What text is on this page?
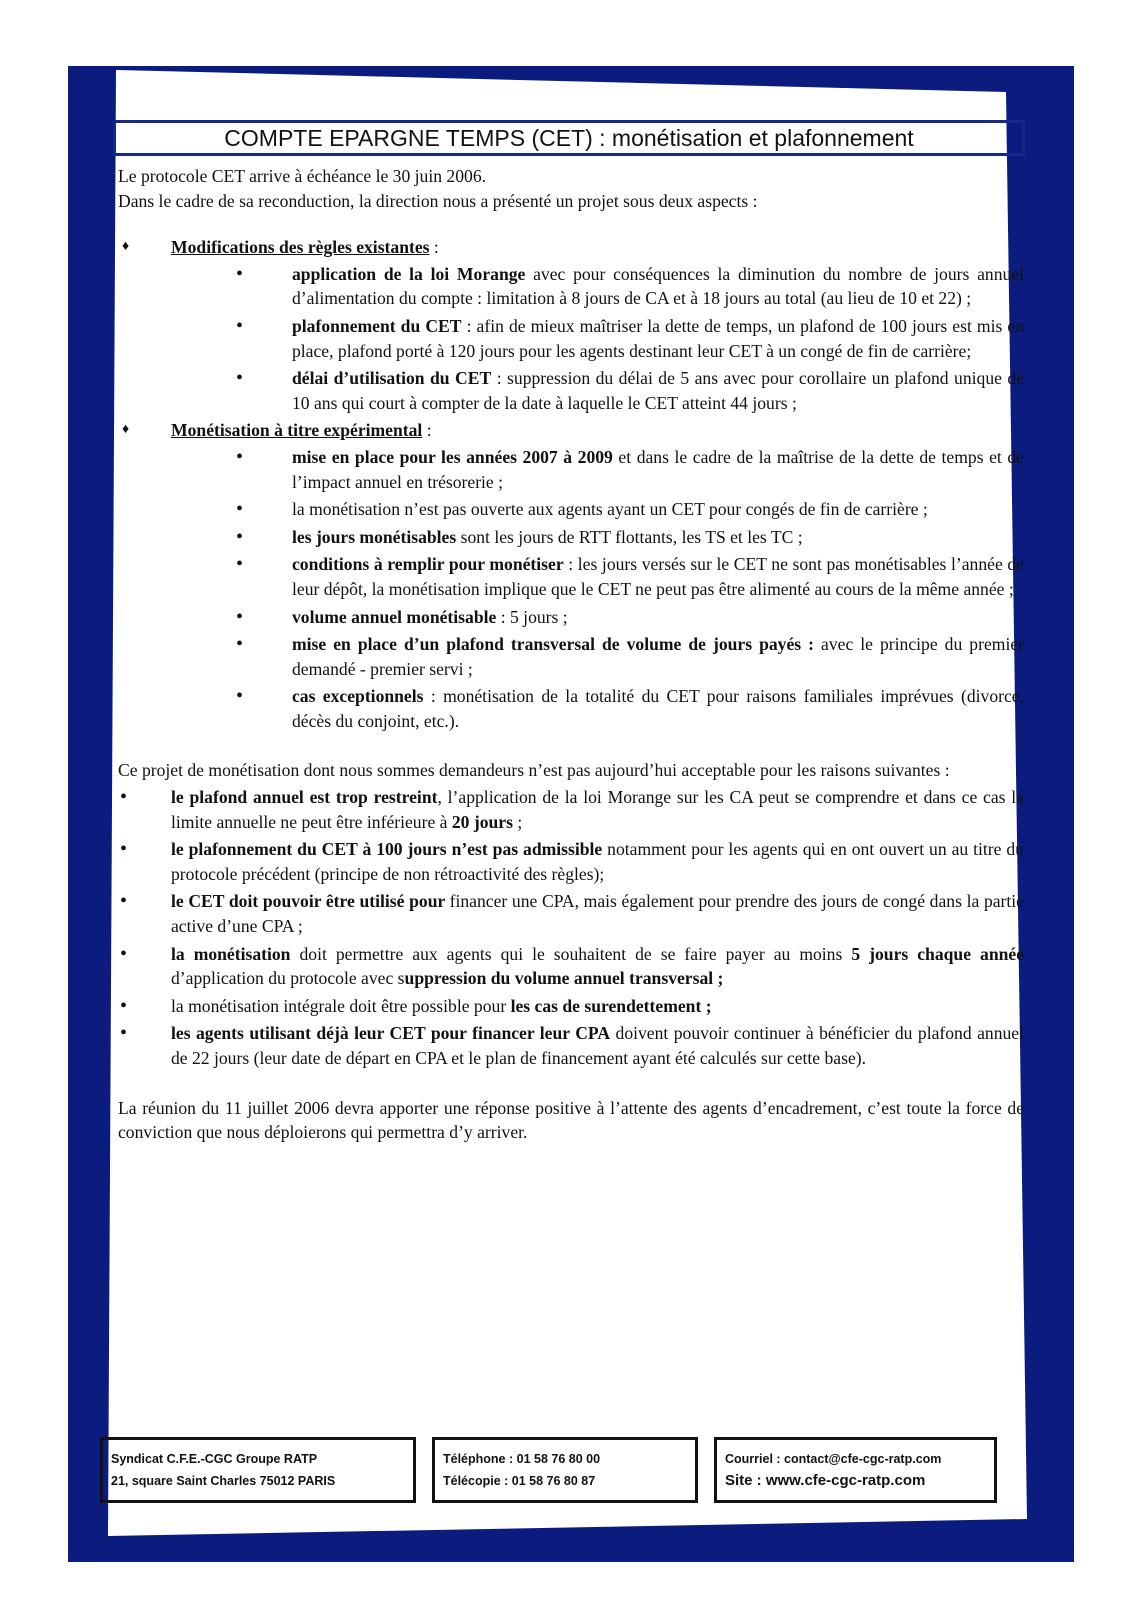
COMPTE EPARGNE TEMPS (CET) : monétisation et plafonnement

Le protocole CET arrive à échéance le 30 juin 2006.

Dans le cadre de sa reconduction, la direction nous a présenté un projet sous deux aspects :

♦ Modifications des règles existantes :
•	application de la loi Morange avec pour conséquences la diminution du nombre de jours annuel d’alimentation du compte : limitation à 8 jours de CA et à 18 jours au total (au lieu de 10 et 22) ;
•	plafonnement du CET : afin de mieux maîtriser la dette de temps, un plafond de 100 jours est mis en place, plafond porté à 120 jours pour les agents destinant leur CET à un congé de fin de carrière;
•	délai d’utilisation du CET : suppression du délai de 5 ans avec pour corollaire un plafond unique de 10 ans qui court à compter de la date à laquelle le CET atteint 44 jours ;
♦ Monétisation à titre expérimental :
•	mise en place pour les années 2007 à 2009 et dans le cadre de la maîtrise de la dette de temps et de l’impact annuel en trésorerie ;
•	la monétisation n’est pas ouverte aux agents ayant un CET pour congés de fin de carrière ;
•	les jours monétisables sont les jours de RTT flottants, les TS et les TC ;
•	conditions à remplir pour monétiser : les jours versés sur le CET ne sont pas monétisables l’année de leur dépôt, la monétisation implique que le CET ne peut pas être alimenté au cours de la même année ;
•	volume annuel monétisable : 5 jours ;
•	mise en place d’un plafond transversal de volume de jours payés : avec le principe du premier demandé - premier servi ;
•	cas exceptionnels : monétisation de la totalité du CET pour raisons familiales imprévues (divorce, décès du conjoint, etc.).

Ce projet de monétisation dont nous sommes demandeurs n’est pas aujourd’hui acceptable pour les raisons suivantes :

• le plafond annuel est trop restreint, l’application de la loi Morange sur les CA peut se comprendre et dans ce cas la limite annuelle ne peut être inférieure à 20 jours ;
• le plafonnement du CET à 100 jours n’est pas admissible notamment pour les agents qui en ont ouvert un au titre du protocole précédent (principe de non rétroactivité des règles);
• le CET doit pouvoir être utilisé pour financer une CPA, mais également pour prendre des jours de congé dans la partie active d’une CPA ;
• la monétisation doit permettre aux agents qui le souhaitent de se faire payer au moins 5 jours chaque année d’application du protocole avec suppression du volume annuel transversal ;
• la monétisation intégrale doit être possible pour les cas de surendettement ;
• les agents utilisant déjà leur CET pour financer leur CPA doivent pouvoir continuer à bénéficier du plafond annuel de 22 jours (leur date de départ en CPA et le plan de financement ayant été calculés sur cette base).

La réunion du 11 juillet 2006 devra apporter une réponse positive à l’attente des agents d’encadrement, c’est toute la force de conviction que nous déploierons qui permettra d’y arriver.

Syndicat C.F.E.-CGC Groupe RATP
21, square Saint Charles 75012 PARIS
Téléphone : 01 58 76 80 00
Télécopie : 01 58 76 80 87
Courriel : contact@cfe-cgc-ratp.com
Site : www.cfe-cgc-ratp.com
